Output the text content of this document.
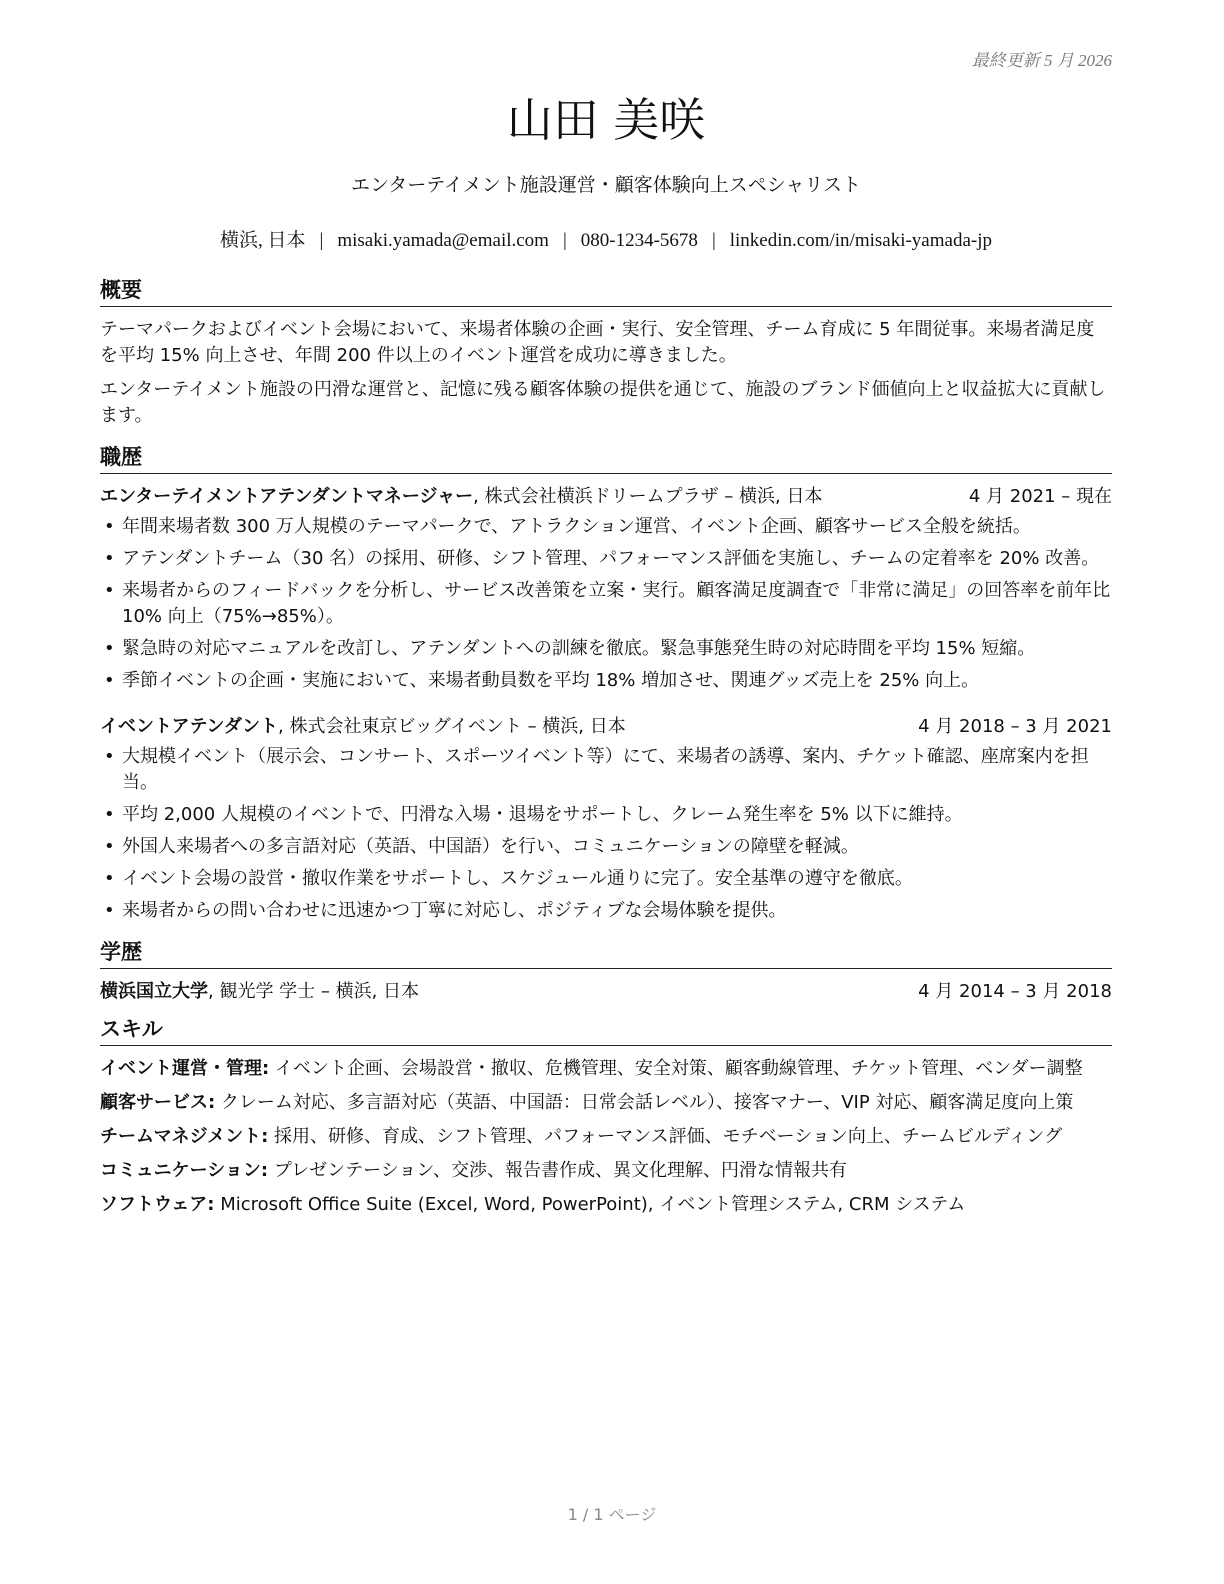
最終更新 5 月 2026
山田 美咲
エンターテイメント施設運営・顧客体験向上スペシャリスト
横浜, 日本 | misaki.yamada@email.com | 080-1234-5678 | linkedin.com/in/misaki-yamada-jp
概要

テーマパークおよびイベント会場において、来場者体験の企画・実行、安全管理、チーム育成に 5 年間従事。来場者満足度を平均 15% 向上させ、年間 200 件以上のイベント運営を成功に導きました。

エンターテイメント施設の円滑な運営と、記憶に残る顧客体験の提供を通じて、施設のブランド価値向上と収益拡大に貢献します。

職歴
エンターテイメントアテンダントマネージャー, 株式会社横浜ドリームプラザ – 横浜, 日本	4 月 2021 – 現在
• 年間来場者数 300 万人規模のテーマパークで、アトラクション運営、イベント企画、顧客サービス全般を統括。
• アテンダントチーム（30 名）の採用、研修、シフト管理、パフォーマンス評価を実施し、チームの定着率を 20% 改善。
• 来場者からのフィードバックを分析し、サービス改善策を立案・実行。顧客満足度調査で「非常に満足」の回答率を前年比 10% 向上（75%→85%）。
• 緊急時の対応マニュアルを改訂し、アテンダントへの訓練を徹底。緊急事態発生時の対応時間を平均 15% 短縮。
• 季節イベントの企画・実施において、来場者動員数を平均 18% 増加させ、関連グッズ売上を 25% 向上。
イベントアテンダント, 株式会社東京ビッグイベント – 横浜, 日本	4 月 2018 – 3 月 2021
• 大規模イベント（展示会、コンサート、スポーツイベント等）にて、来場者の誘導、案内、チケット確認、座席案内を担当。
• 平均 2,000 人規模のイベントで、円滑な入場・退場をサポートし、クレーム発生率を 5% 以下に維持。
• 外国人来場者への多言語対応（英語、中国語）を行い、コミュニケーションの障壁を軽減。
• イベント会場の設営・撤収作業をサポートし、スケジュール通りに完了。安全基準の遵守を徹底。
• 来場者からの問い合わせに迅速かつ丁寧に対応し、ポジティブな会場体験を提供。
学歴
横浜国立大学, 観光学 学士 – 横浜, 日本	4 月 2014 – 3 月 2018
スキル
イベント運営・管理: イベント企画、会場設営・撤収、危機管理、安全対策、顧客動線管理、チケット管理、ベンダー調整
顧客サービス: クレーム対応、多言語対応（英語、中国語：日常会話レベル）、接客マナー、VIP 対応、顧客満足度向上策
チームマネジメント: 採用、研修、育成、シフト管理、パフォーマンス評価、モチベーション向上、チームビルディング
コミュニケーション: プレゼンテーション、交渉、報告書作成、異文化理解、円滑な情報共有
ソフトウェア: Microsoft Office Suite (Excel, Word, PowerPoint), イベント管理システム, CRM システム
1 / 1 ページ
